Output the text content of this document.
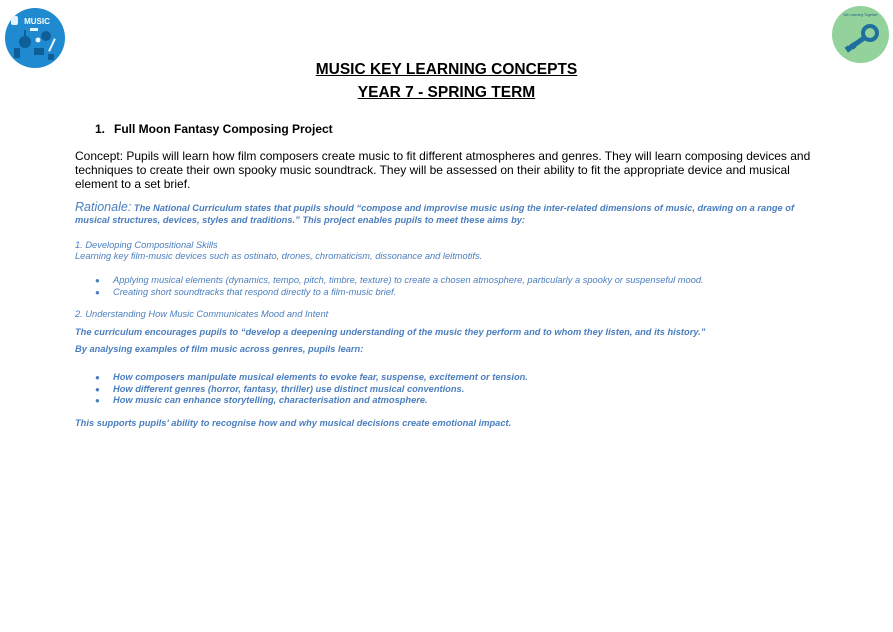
MUSIC
We Learning Together
MUSIC KEY LEARNING CONCEPTS
YEAR 7 - SPRING TERM
1. Full Moon Fantasy Composing Project
Concept: Pupils will learn how film composers create music to fit different atmospheres and genres. They will learn composing devices and techniques to create their own spooky music soundtrack. They will be assessed on their ability to fit the appropriate device and musical element to a set brief.
Rationale: The National Curriculum states that pupils should “compose and improvise music using the inter-related dimensions of music, drawing on a range of musical structures, devices, styles and traditions.” This project enables pupils to meet these aims by:
1. Developing Compositional Skills
Learning key film-music devices such as ostinato, drones, chromaticism, dissonance and leitmotifs.
● Applying musical elements (dynamics, tempo, pitch, timbre, texture) to create a chosen atmosphere, particularly a spooky or suspenseful mood.
● Creating short soundtracks that respond directly to a film-music brief.
2. Understanding How Music Communicates Mood and Intent
The curriculum encourages pupils to “develop a deepening understanding of the music they perform and to whom they listen, and its history.”
By analysing examples of film music across genres, pupils learn:
● How composers manipulate musical elements to evoke fear, suspense, excitement or tension.
● How different genres (horror, fantasy, thriller) use distinct musical conventions.
● How music can enhance storytelling, characterisation and atmosphere.
This supports pupils’ ability to recognise how and why musical decisions create emotional impact.
